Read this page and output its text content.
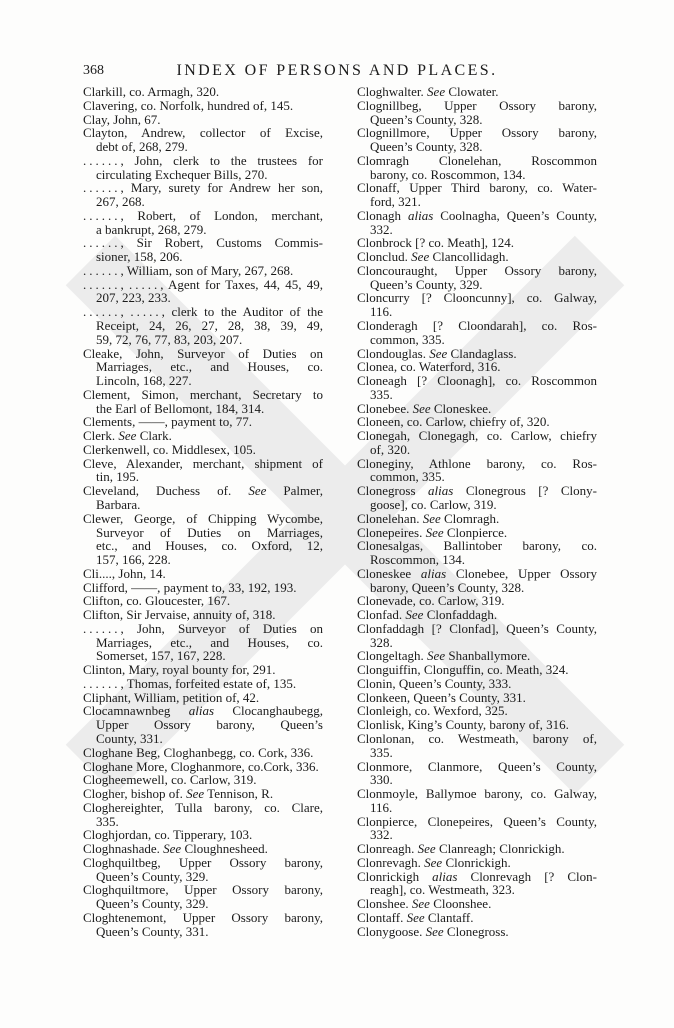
368	INDEX OF PERSONS AND PLACES.
Clarkill, co. Armagh, 320.
Clavering, co. Norfolk, hundred of, 145.
Clay, John, 67.
Clayton, Andrew, collector of Excise,
debt of, 268, 279.
......, John, clerk to the trustees for
circulating Exchequer Bills, 270.
......, Mary, surety for Andrew her son,
267, 268.
......, Robert, of London, merchant,
a bankrupt, 268, 279.
......, Sir Robert, Customs Commis-
sioner, 158, 206.
......, William, son of Mary, 267, 268.
......, ....., Agent for Taxes, 44, 45, 49,
207, 223, 233.
......, ....., clerk to the Auditor of the
Receipt, 24, 26, 27, 28, 38, 39, 49,
59, 72, 76, 77, 83, 203, 207.
Cleake, John, Surveyor of Duties on
Marriages, etc., and Houses, co.
Lincoln, 168, 227.
Clement, Simon, merchant, Secretary to
the Earl of Bellomont, 184, 314.
Clements, ——, payment to, 77.
Clerk. See Clark.
Clerkenwell, co. Middlesex, 105.
Cleve, Alexander, merchant, shipment of
tin, 195.
Cleveland, Duchess of. See Palmer,
Barbara.
Clewer, George, of Chipping Wycombe,
Surveyor of Duties on Marriages,
etc., and Houses, co. Oxford, 12,
157, 166, 228.
Cli...., John, 14.
Clifford, ——, payment to, 33, 192, 193.
Clifton, co. Gloucester, 167.
Clifton, Sir Jervaise, annuity of, 318.
......, John, Surveyor of Duties on
Marriages, etc., and Houses, co.
Somerset, 157, 167, 228.
Clinton, Mary, royal bounty for, 291.
......, Thomas, forfeited estate of, 135.
Cliphant, William, petition of, 42.
Clocamnawnbeg alias Clocanghaubegg,
Upper Ossory barony, Queen’s
County, 331.
Cloghane Beg, Cloghanbegg, co. Cork, 336.
Cloghane More, Cloghanmore, co.Cork, 336.
Clogheemewell, co. Carlow, 319.
Clogher, bishop of. See Tennison, R.
Cloghereighter, Tulla barony, co. Clare,
335.
Cloghjordan, co. Tipperary, 103.
Cloghnashade. See Cloughnesheed.
Cloghquiltbeg, Upper Ossory barony,
Queen’s County, 329.
Cloghquiltmore, Upper Ossory barony,
Queen’s County, 329.
Cloghtenemont, Upper Ossory barony,
Queen’s County, 331.
Cloghwalter. See Clowater.
Clognillbeg, Upper Ossory barony,
Queen’s County, 328.
Clognillmore, Upper Ossory barony,
Queen’s County, 328.
Clomragh Clonelehan, Roscommon
barony, co. Roscommon, 134.
Clonaff, Upper Third barony, co. Water-
ford, 321.
Clonagh alias Coolnagha, Queen’s County,
332.
Clonbrock [? co. Meath], 124.
Clonclud. See Clancollidagh.
Cloncouraught, Upper Ossory barony,
Queen’s County, 329.
Cloncurry [? Clooncunny], co. Galway,
116.
Clonderagh [? Cloondarah], co. Ros-
common, 335.
Clondouglas. See Clandaglass.
Clonea, co. Waterford, 316.
Cloneagh [? Cloonagh], co. Roscommon
335.
Clonebee. See Cloneskee.
Cloneen, co. Carlow, chiefry of, 320.
Clonegah, Clonegagh, co. Carlow, chiefry
of, 320.
Cloneginy, Athlone barony, co. Ros-
common, 335.
Clonegross alias Clonegrous [? Clony-
goose], co. Carlow, 319.
Clonelehan. See Clomragh.
Clonepeires. See Clonpierce.
Clonesalgas, Ballintober barony, co.
Roscommon, 134.
Cloneskee alias Clonebee, Upper Ossory
barony, Queen’s County, 328.
Clonevade, co. Carlow, 319.
Clonfad. See Clonfaddagh.
Clonfaddagh [? Clonfad], Queen’s County,
328.
Clongeltagh. See Shanballymore.
Clonguiffin, Clonguffin, co. Meath, 324.
Clonin, Queen’s County, 333.
Clonkeen, Queen’s County, 331.
Clonleigh, co. Wexford, 325.
Clonlisk, King’s County, barony of, 316.
Clonlonan, co. Westmeath, barony of,
335.
Clonmore, Clanmore, Queen’s County,
330.
Clonmoyle, Ballymoe barony, co. Galway,
116.
Clonpierce, Clonepeires, Queen’s County,
332.
Clonreagh. See Clanreagh; Clonrickigh.
Clonrevagh. See Clonrickigh.
Clonrickigh alias Clonrevagh [? Clon-
reagh], co. Westmeath, 323.
Clonshee. See Cloonshee.
Clontaff. See Clantaff.
Clonygoose. See Clonegross.
